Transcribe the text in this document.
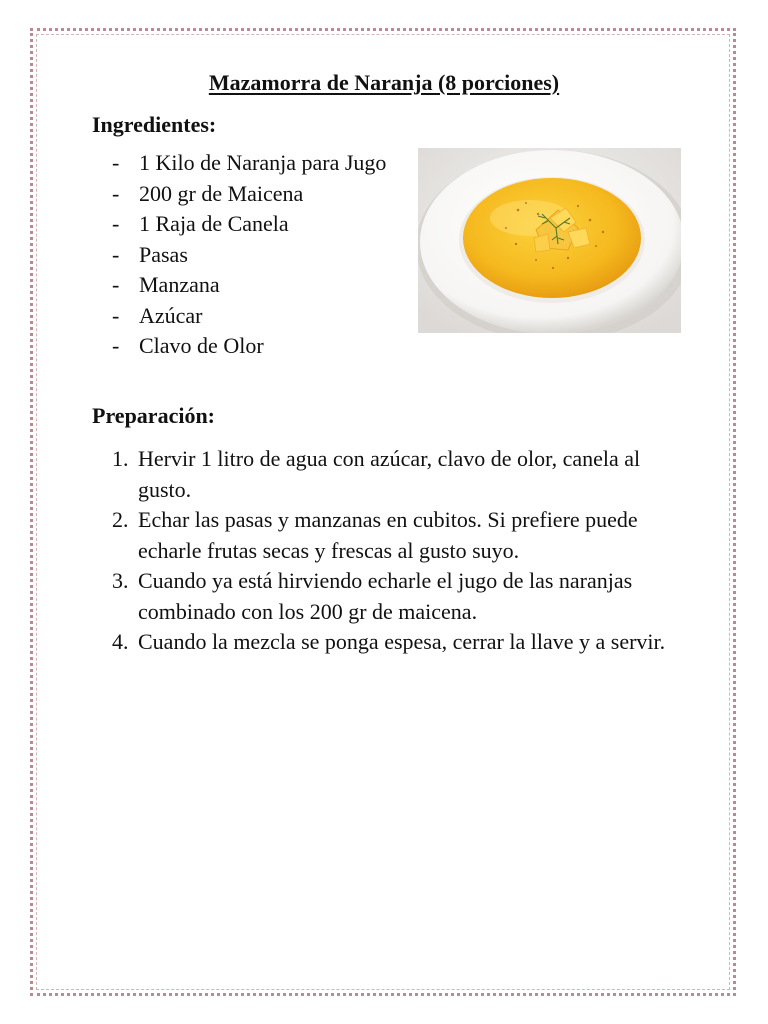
Mazamorra de Naranja (8 porciones)
Ingredientes:
- 1 Kilo de Naranja para Jugo
- 200 gr de Maicena
- 1 Raja de Canela
- Pasas
- Manzana
- Azúcar
- Clavo de Olor
Preparación:
1. Hervir 1 litro de agua con azúcar, clavo de olor, canela al gusto.
2. Echar las pasas y manzanas en cubitos. Si prefiere puede echarle frutas secas y frescas al gusto suyo.
3. Cuando ya está hirviendo echarle el jugo de las naranjas combinado con los 200 gr de maicena.
4. Cuando la mezcla se ponga espesa, cerrar la llave y a servir.
